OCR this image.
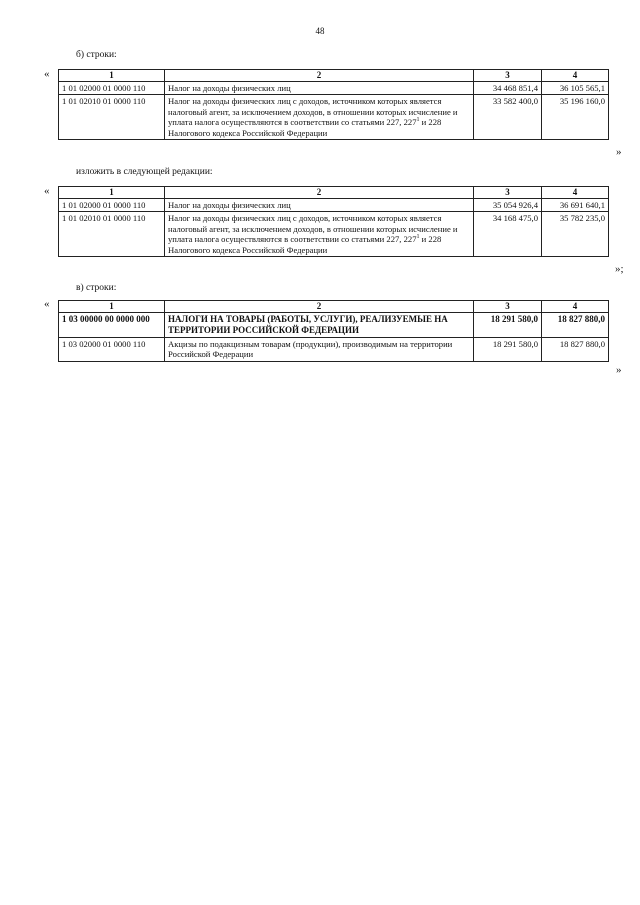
48
б) строки:
«	1	2	3	4
1 01 02000 01 0000 110	Налог на доходы физических лиц	34 468 851,4	36 105 565,1
1 01 02010 01 0000 110	Налог на доходы физических лиц с доходов, источником которых является налоговый агент, за исключением доходов, в отношении которых исчисление и уплата налога осуществляются в соответствии со статьями 227, $227^1$ и 228 Налогового кодекса Российской Федерации	33 582 400,0	35 196 160,0
»
изложить в следующей редакции:
«	1	2	3	4
1 01 02000 01 0000 110	Налог на доходы физических лиц	35 054 926,4	36 691 640,1
1 01 02010 01 0000 110	Налог на доходы физических лиц с доходов, источником которых является налоговый агент, за исключением доходов, в отношении которых исчисление и уплата налога осуществляются в соответствии со статьями 227, $227^1$ и 228 Налогового кодекса Российской Федерации	34 168 475,0	35 782 235,0
»;
в) строки:
«	1	2	3	4
1 03 00000 00 0000 000	НАЛОГИ НА ТОВАРЫ (РАБОТЫ, УСЛУГИ), РЕАЛИЗУЕМЫЕ НА ТЕРРИТОРИИ РОССИЙСКОЙ ФЕДЕРАЦИИ	18 291 580,0	18 827 880,0
1 03 02000 01 0000 110	Акцизы по подакцизным товарам (продукции), производимым на территории Российской Федерации	18 291 580,0	18 827 880,0
»
